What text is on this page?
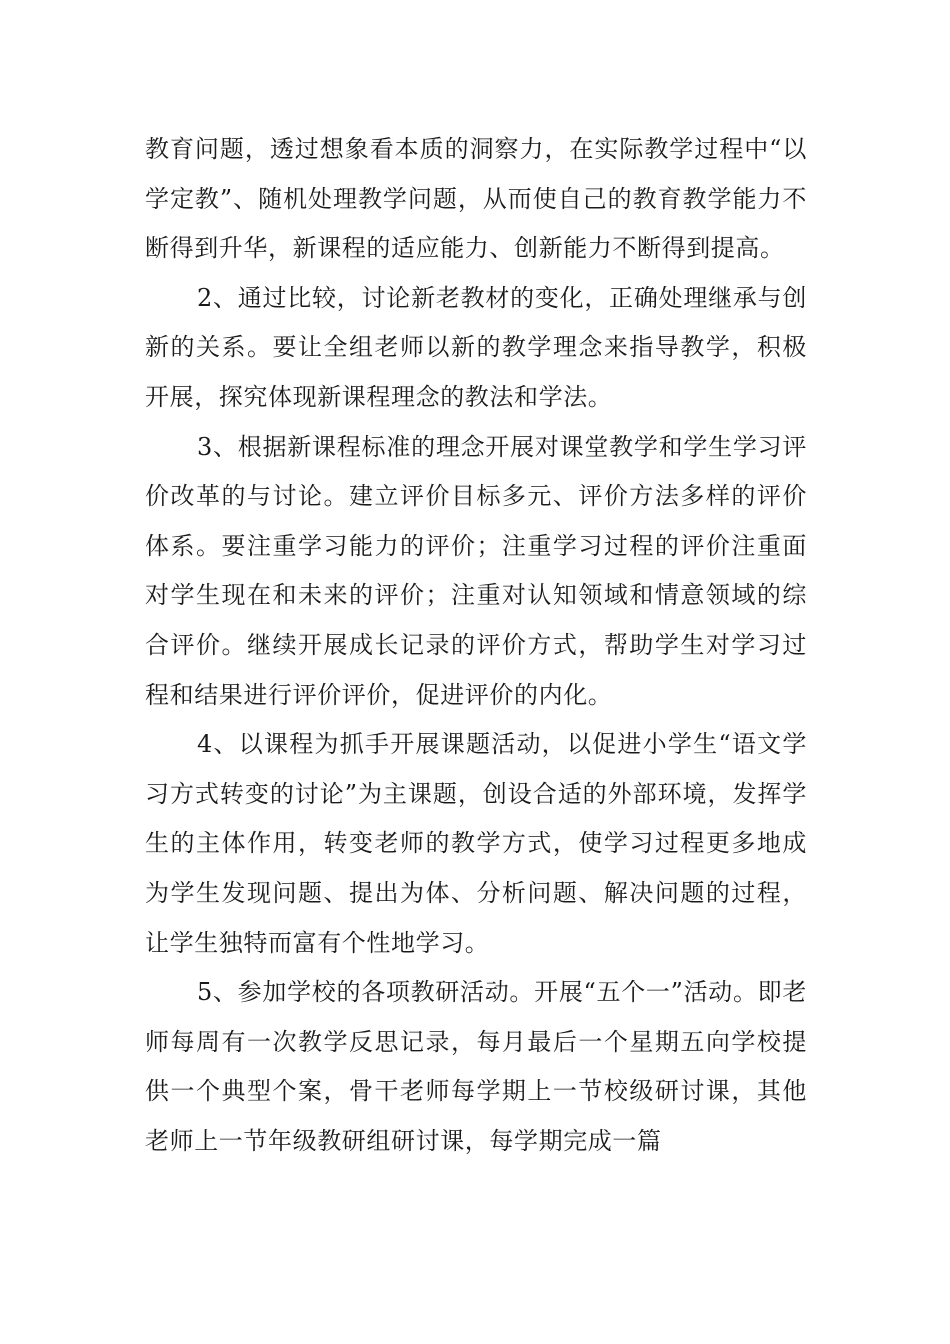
教育问题，透过想象看本质的洞察力，在实际教学过程中“以学定教”、随机处理教学问题，从而使自己的教育教学能力不断得到升华，新课程的适应能力、创新能力不断得到提高。

2、通过比较，讨论新老教材的变化，正确处理继承与创新的关系。要让全组老师以新的教学理念来指导教学，积极开展，探究体现新课程理念的教法和学法。

3、根据新课程标准的理念开展对课堂教学和学生学习评价改革的与讨论。建立评价目标多元、评价方法多样的评价体系。要注重学习能力的评价；注重学习过程的评价注重面对学生现在和未来的评价；注重对认知领域和情意领域的综合评价。继续开展成长记录的评价方式，帮助学生对学习过程和结果进行评价评价，促进评价的内化。

4、以课程为抓手开展课题活动，以促进小学生“语文学习方式转变的讨论”为主课题，创设合适的外部环境，发挥学生的主体作用，转变老师的教学方式，使学习过程更多地成为学生发现问题、提出为体、分析问题、解决问题的过程，让学生独特而富有个性地学习。

5、参加学校的各项教研活动。开展“五个一”活动。即老师每周有一次教学反思记录，每月最后一个星期五向学校提供一个典型个案，骨干老师每学期上一节校级研讨课，其他老师上一节年级教研组研讨课，每学期完成一篇
